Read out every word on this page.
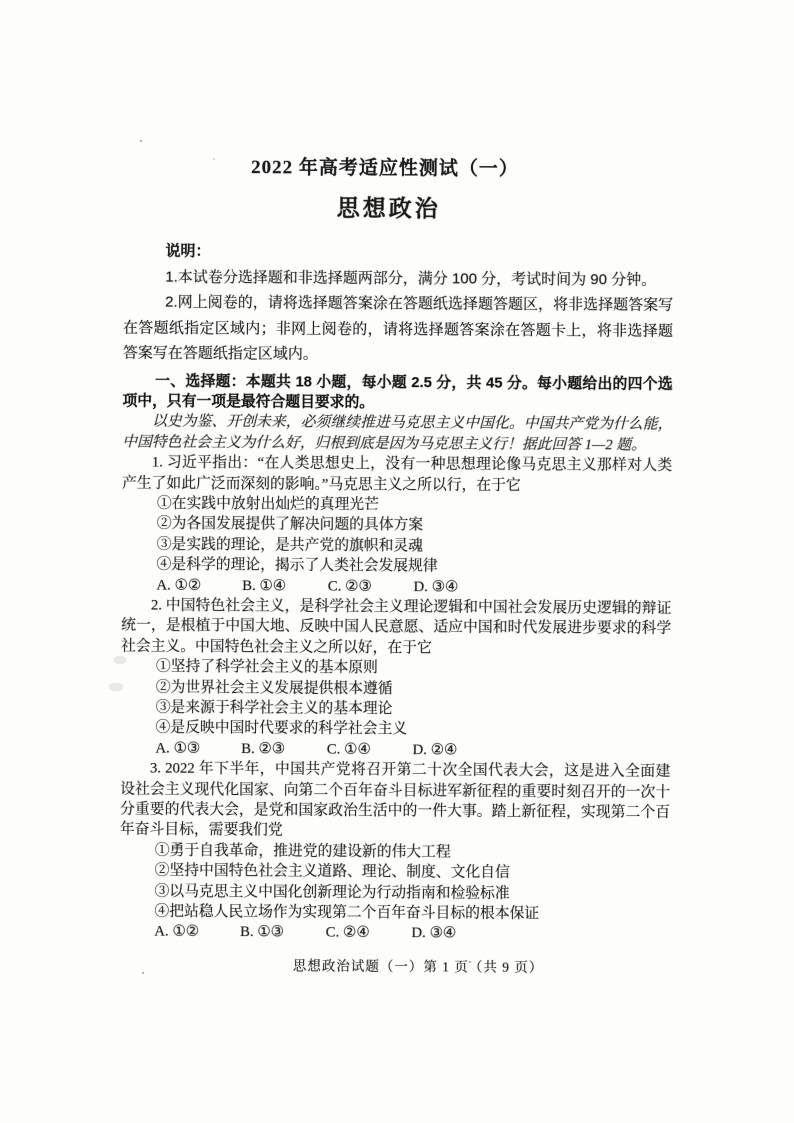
2022 年高考适应性测试（一）
思想政治

说明：

1.本试卷分选择题和非选择题两部分，满分 100 分，考试时间为 90 分钟。

2.网上阅卷的，请将选择题答案涂在答题纸选择题答题区，将非选择题答案写在答题纸指定区域内；非网上阅卷的，请将选择题答案涂在答题卡上，将非选择题答案写在答题纸指定区域内。

一、选择题：本题共 18 小题，每小题 2.5 分，共 45 分。每小题给出的四个选项中，只有一项是最符合题目要求的。

以史为鉴、开创未来，必须继续推进马克思主义中国化。中国共产党为什么能，中国特色社会主义为什么好，归根到底是因为马克思主义行！据此回答 1—2 题。

1. 习近平指出：“在人类思想史上，没有一种思想理论像马克思主义那样对人类产生了如此广泛而深刻的影响。”马克思主义之所以行，在于它

①在实践中放射出灿烂的真理光芒
②为各国发展提供了解决问题的具体方案
③是实践的理论，是共产党的旗帜和灵魂
④是科学的理论，揭示了人类社会发展规律
A. ①②	B. ①④	C. ②③	D. ③④

2. 中国特色社会主义，是科学社会主义理论逻辑和中国社会发展历史逻辑的辩证统一，是根植于中国大地、反映中国人民意愿、适应中国和时代发展进步要求的科学社会主义。中国特色社会主义之所以好，在于它

①坚持了科学社会主义的基本原则
②为世界社会主义发展提供根本遵循
③是来源于科学社会主义的基本理论
④是反映中国时代要求的科学社会主义
A. ①③	B. ②③	C. ①④	D. ②④

3. 2022 年下半年，中国共产党将召开第二十次全国代表大会，这是进入全面建设社会主义现代化国家、向第二个百年奋斗目标进军新征程的重要时刻召开的一次十分重要的代表大会，是党和国家政治生活中的一件大事。踏上新征程，实现第二个百年奋斗目标，需要我们党

①勇于自我革命，推进党的建设新的伟大工程
②坚持中国特色社会主义道路、理论、制度、文化自信
③以马克思主义中国化创新理论为行动指南和检验标准
④把站稳人民立场作为实现第二个百年奋斗目标的根本保证
A. ①②	B. ①③	C. ②④	D. ③④
思想政治试题（一）第 1 页（共 9 页）
